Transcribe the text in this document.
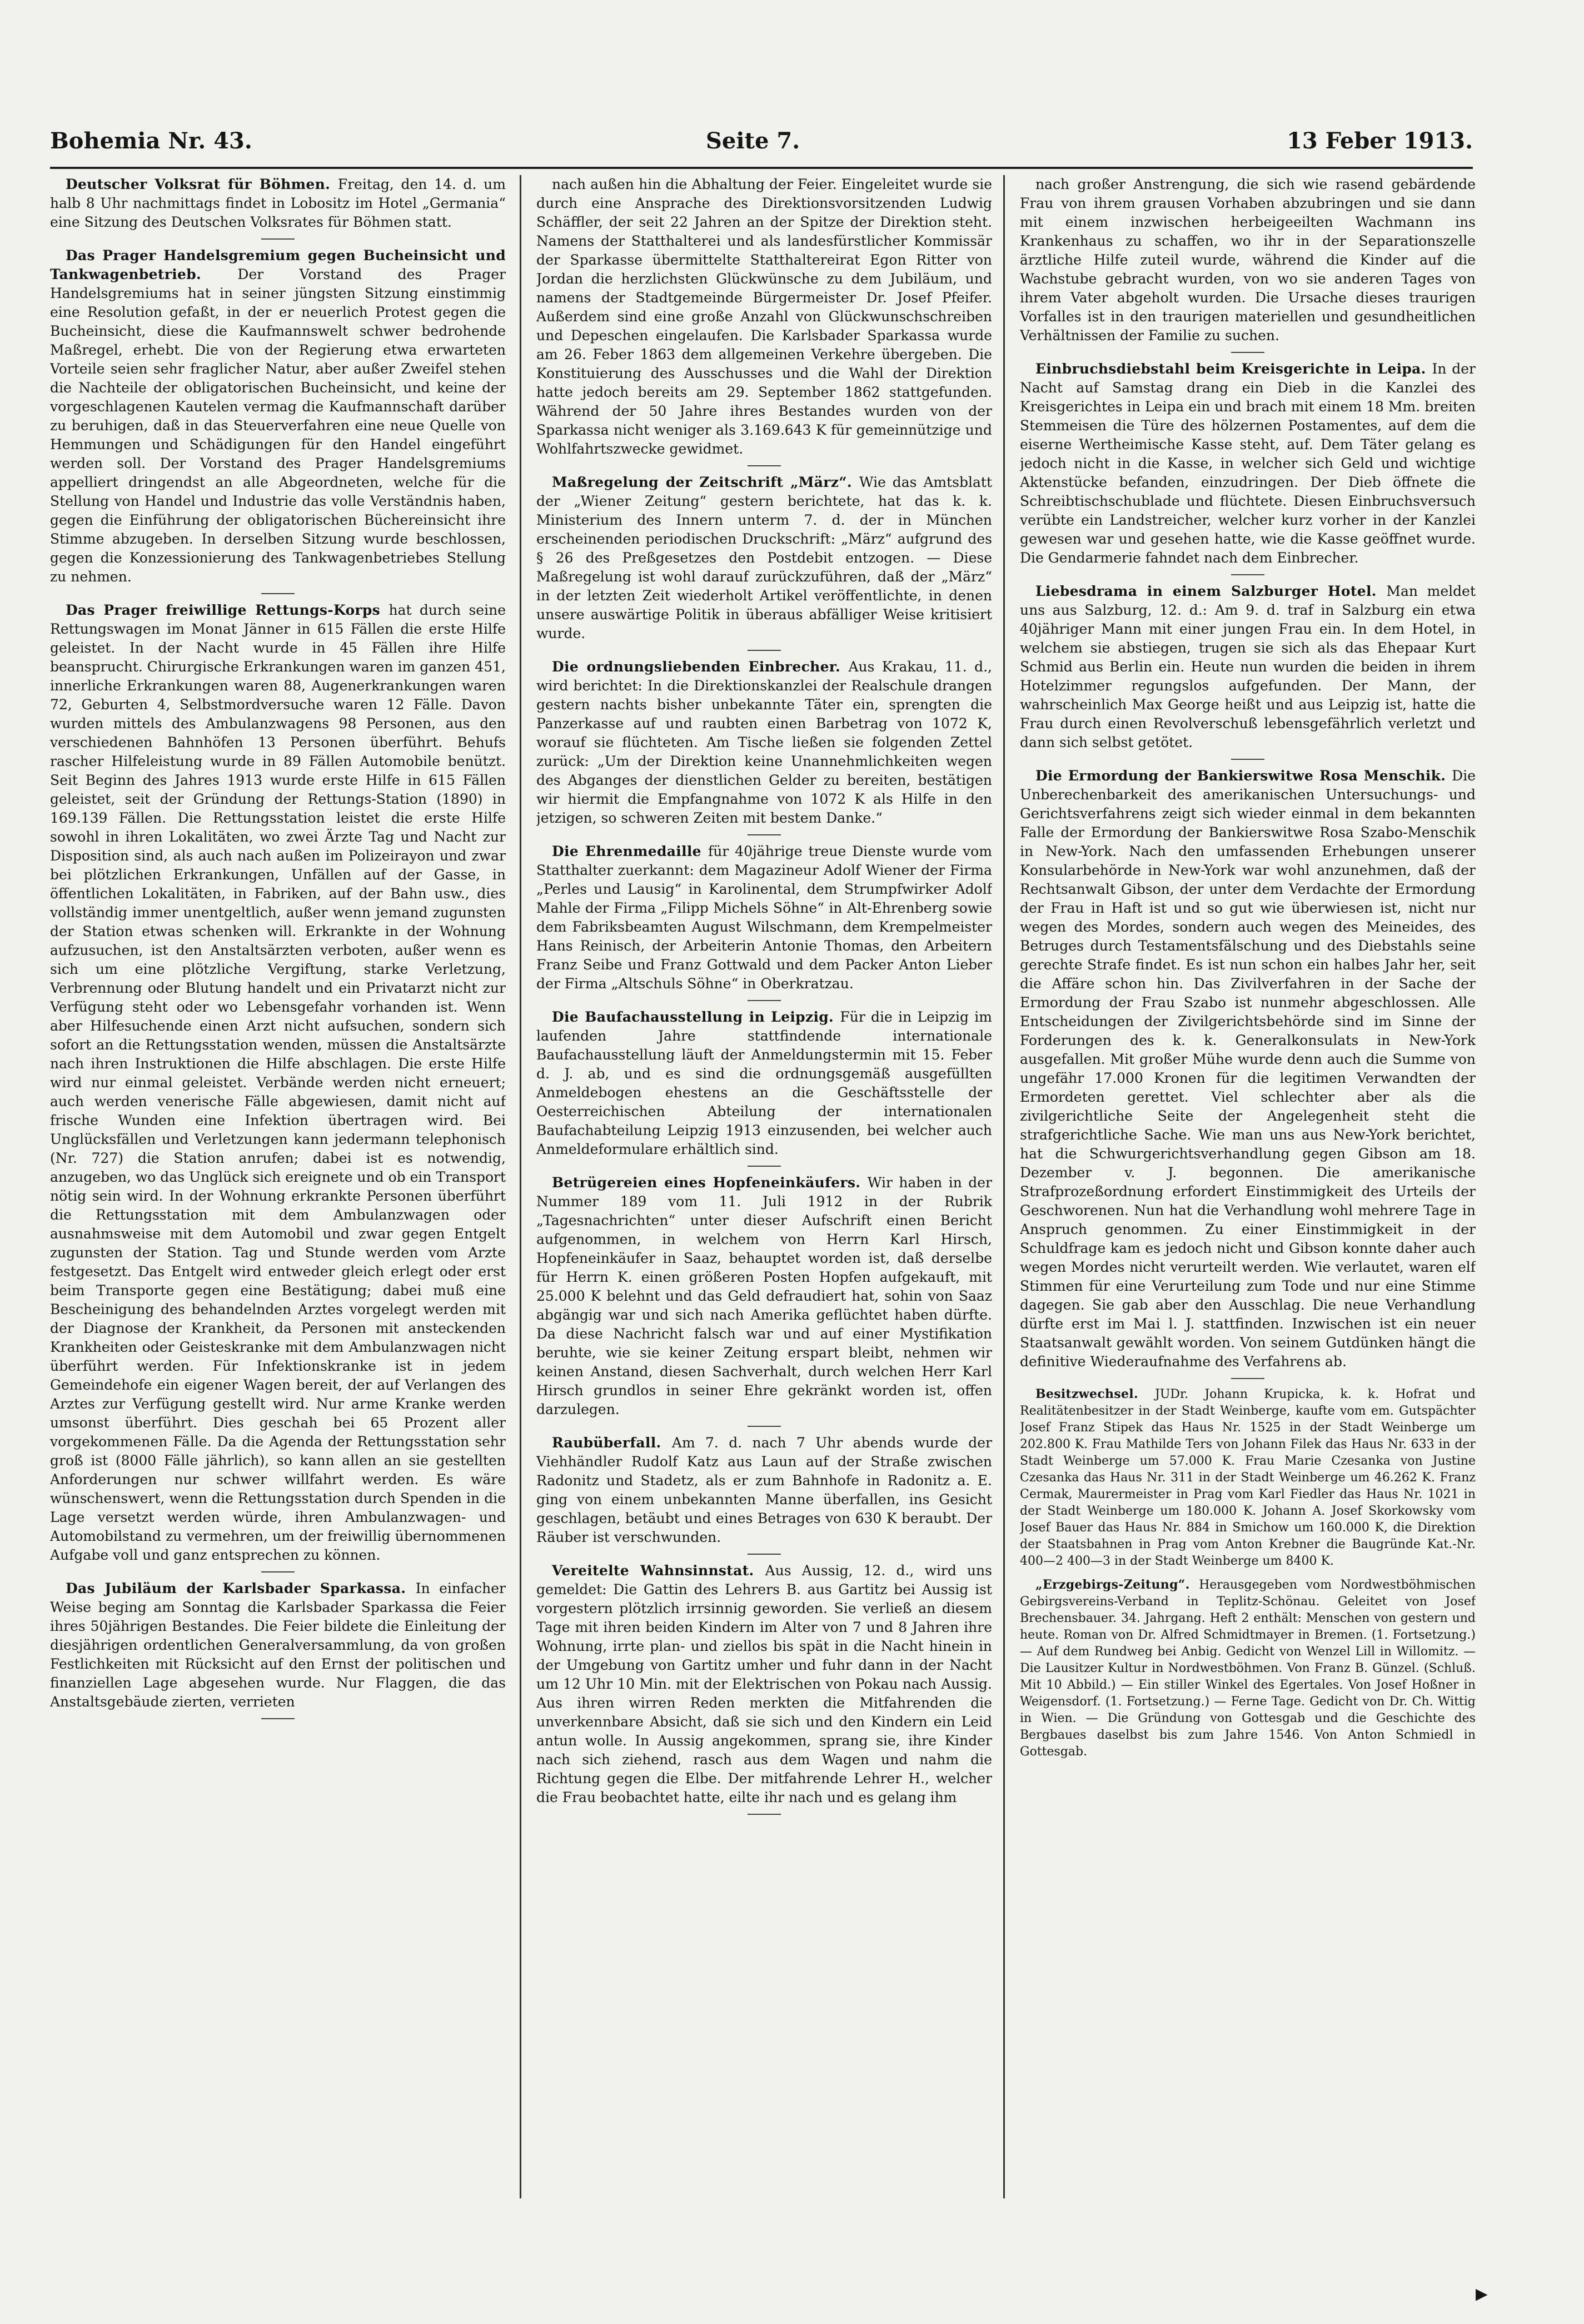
Bohemia Nr. 43.	Seite 7.	13 Feber 1913.

Deutscher Volksrat für Böhmen. Freitag, den 14. d. um halb 8 Uhr nachmittags findet in Lobositz im Hotel „Germania“ eine Sitzung des Deutschen Volksrates für Böhmen statt.

Das Prager Handelsgremium gegen Bucheinsicht und Tankwagenbetrieb. Der Vorstand des Prager Handelsgremiums hat in seiner jüngsten Sitzung einstimmig eine Resolution gefaßt, in der er neuerlich Protest gegen die Bucheinsicht, diese die Kaufmannswelt schwer bedrohende Maßregel, erhebt. Die von der Regierung etwa erwarteten Vorteile seien sehr fraglicher Natur, aber außer Zweifel stehen die Nachteile der obligatorischen Bucheinsicht, und keine der vorgeschlagenen Kautelen vermag die Kaufmannschaft darüber zu beruhigen, daß in das Steuerverfahren eine neue Quelle von Hemmungen und Schädigungen für den Handel eingeführt werden soll. Der Vorstand des Prager Handelsgremiums appelliert dringendst an alle Abgeordneten, welche für die Stellung von Handel und Industrie das volle Verständnis haben, gegen die Einführung der obligatorischen Büchereinsicht ihre Stimme abzugeben. In derselben Sitzung wurde beschlossen, gegen die Konzessionierung des Tankwagenbetriebes Stellung zu nehmen.

Das Prager freiwillige Rettungs-Korps hat durch seine Rettungswagen im Monat Jänner in 615 Fällen die erste Hilfe geleistet. In der Nacht wurde in 45 Fällen ihre Hilfe beansprucht. Chirurgische Erkrankungen waren im ganzen 451, innerliche Erkrankungen waren 88, Augenerkrankungen waren 72, Geburten 4, Selbstmordversuche waren 12 Fälle. Davon wurden mittels des Ambulanzwagens 98 Personen, aus den verschiedenen Bahnhöfen 13 Personen überführt. Behufs rascher Hilfeleistung wurde in 89 Fällen Automobile benützt. Seit Beginn des Jahres 1913 wurde erste Hilfe in 615 Fällen geleistet, seit der Gründung der Rettungs-Station (1890) in 169.139 Fällen. Die Rettungsstation leistet die erste Hilfe sowohl in ihren Lokalitäten, wo zwei Ärzte Tag und Nacht zur Disposition sind, als auch nach außen im Polizeirayon und zwar bei plötzlichen Erkrankungen, Unfällen auf der Gasse, in öffentlichen Lokalitäten, in Fabriken, auf der Bahn usw., dies vollständig immer unentgeltlich, außer wenn jemand zugunsten der Station etwas schenken will. Erkrankte in der Wohnung aufzusuchen, ist den Anstaltsärzten verboten, außer wenn es sich um eine plötzliche Vergiftung, starke Verletzung, Verbrennung oder Blutung handelt und ein Privatarzt nicht zur Verfügung steht oder wo Lebensgefahr vorhanden ist. Wenn aber Hilfesuchende einen Arzt nicht aufsuchen, sondern sich sofort an die Rettungsstation wenden, müssen die Anstaltsärzte nach ihren Instruktionen die Hilfe abschlagen. Die erste Hilfe wird nur einmal geleistet. Verbände werden nicht erneuert; auch werden venerische Fälle abgewiesen, damit nicht auf frische Wunden eine Infektion übertragen wird. Bei Unglücksfällen und Verletzungen kann jedermann telephonisch (Nr. 727) die Station anrufen; dabei ist es notwendig, anzugeben, wo das Unglück sich ereignete und ob ein Transport nötig sein wird. In der Wohnung erkrankte Personen überführt die Rettungsstation mit dem Ambulanzwagen oder ausnahmsweise mit dem Automobil und zwar gegen Entgelt zugunsten der Station. Tag und Stunde werden vom Arzte festgesetzt. Das Entgelt wird entweder gleich erlegt oder erst beim Transporte gegen eine Bestätigung; dabei muß eine Bescheinigung des behandelnden Arztes vorgelegt werden mit der Diagnose der Krankheit, da Personen mit ansteckenden Krankheiten oder Geisteskranke mit dem Ambulanzwagen nicht überführt werden. Für Infektionskranke ist in jedem Gemeindehofe ein eigener Wagen bereit, der auf Verlangen des Arztes zur Verfügung gestellt wird. Nur arme Kranke werden umsonst überführt. Dies geschah bei 65 Prozent aller vorgekommenen Fälle. Da die Agenda der Rettungsstation sehr groß ist (8000 Fälle jährlich), so kann allen an sie gestellten Anforderungen nur schwer willfahrt werden. Es wäre wünschenswert, wenn die Rettungsstation durch Spenden in die Lage versetzt werden würde, ihren Ambulanzwagen- und Automobilstand zu vermehren, um der freiwillig übernommenen Aufgabe voll und ganz entsprechen zu können.

Das Jubiläum der Karlsbader Sparkassa. In einfacher Weise beging am Sonntag die Karlsbader Sparkassa die Feier ihres 50jährigen Bestandes. Die Feier bildete die Einleitung der diesjährigen ordentlichen Generalversammlung, da von großen Festlichkeiten mit Rücksicht auf den Ernst der politischen und finanziellen Lage abgesehen wurde. Nur Flaggen, die das Anstaltsgebäude zierten, verrieten

nach außen hin die Abhaltung der Feier. Eingeleitet wurde sie durch eine Ansprache des Direktionsvorsitzenden Ludwig Schäffler, der seit 22 Jahren an der Spitze der Direktion steht. Namens der Statthalterei und als landesfürstlicher Kommissär der Sparkasse übermittelte Statthaltereirat Egon Ritter von Jordan die herzlichsten Glückwünsche zu dem Jubiläum, und namens der Stadtgemeinde Bürgermeister Dr. Josef Pfeifer. Außerdem sind eine große Anzahl von Glückwunschschreiben und Depeschen eingelaufen. Die Karlsbader Sparkassa wurde am 26. Feber 1863 dem allgemeinen Verkehre übergeben. Die Konstituierung des Ausschusses und die Wahl der Direktion hatte jedoch bereits am 29. September 1862 stattgefunden. Während der 50 Jahre ihres Bestandes wurden von der Sparkassa nicht weniger als 3.169.643 K für gemeinnützige und Wohlfahrtszwecke gewidmet.

Maßregelung der Zeitschrift „März“. Wie das Amtsblatt der „Wiener Zeitung“ gestern berichtete, hat das k. k. Ministerium des Innern unterm 7. d. der in München erscheinenden periodischen Druckschrift: „März“ aufgrund des § 26 des Preßgesetzes den Postdebit entzogen. — Diese Maßregelung ist wohl darauf zurückzuführen, daß der „März“ in der letzten Zeit wiederholt Artikel veröffentlichte, in denen unsere auswärtige Politik in überaus abfälliger Weise kritisiert wurde.

Die ordnungsliebenden Einbrecher. Aus Krakau, 11. d., wird berichtet: In die Direktionskanzlei der Realschule drangen gestern nachts bisher unbekannte Täter ein, sprengten die Panzerkasse auf und raubten einen Barbetrag von 1072 K, worauf sie flüchteten. Am Tische ließen sie folgenden Zettel zurück: „Um der Direktion keine Unannehmlichkeiten wegen des Abganges der dienstlichen Gelder zu bereiten, bestätigen wir hiermit die Empfangnahme von 1072 K als Hilfe in den jetzigen, so schweren Zeiten mit bestem Danke.“

Die Ehrenmedaille für 40jährige treue Dienste wurde vom Statthalter zuerkannt: dem Magazineur Adolf Wiener der Firma „Perles und Lausig“ in Karolinental, dem Strumpfwirker Adolf Mahle der Firma „Filipp Michels Söhne“ in Alt-Ehrenberg sowie dem Fabriksbeamten August Wilschmann, dem Krempelmeister Hans Reinisch, der Arbeiterin Antonie Thomas, den Arbeitern Franz Seibe und Franz Gottwald und dem Packer Anton Lieber der Firma „Altschuls Söhne“ in Oberkratzau.

Die Baufachausstellung in Leipzig. Für die in Leipzig im laufenden Jahre stattfindende internationale Baufachausstellung läuft der Anmeldungstermin mit 15. Feber d. J. ab, und es sind die ordnungsgemäß ausgefüllten Anmeldebogen ehestens an die Geschäftsstelle der Oesterreichischen Abteilung der internationalen Baufachabteilung Leipzig 1913 einzusenden, bei welcher auch Anmeldeformulare erhältlich sind.

Betrügereien eines Hopfeneinkäufers. Wir haben in der Nummer 189 vom 11. Juli 1912 in der Rubrik „Tagesnachrichten“ unter dieser Aufschrift einen Bericht aufgenommen, in welchem von Herrn Karl Hirsch, Hopfeneinkäufer in Saaz, behauptet worden ist, daß derselbe für Herrn K. einen größeren Posten Hopfen aufgekauft, mit 25.000 K belehnt und das Geld defraudiert hat, sohin von Saaz abgängig war und sich nach Amerika geflüchtet haben dürfte. Da diese Nachricht falsch war und auf einer Mystifikation beruhte, wie sie keiner Zeitung erspart bleibt, nehmen wir keinen Anstand, diesen Sachverhalt, durch welchen Herr Karl Hirsch grundlos in seiner Ehre gekränkt worden ist, offen darzulegen.

Raubüberfall. Am 7. d. nach 7 Uhr abends wurde der Viehhändler Rudolf Katz aus Laun auf der Straße zwischen Radonitz und Stadetz, als er zum Bahnhofe in Radonitz a. E. ging von einem unbekannten Manne überfallen, ins Gesicht geschlagen, betäubt und eines Betrages von 630 K beraubt. Der Räuber ist verschwunden.

Vereitelte Wahnsinnstat. Aus Aussig, 12. d., wird uns gemeldet: Die Gattin des Lehrers B. aus Gartitz bei Aussig ist vorgestern plötzlich irrsinnig geworden. Sie verließ an diesem Tage mit ihren beiden Kindern im Alter von 7 und 8 Jahren ihre Wohnung, irrte plan- und ziellos bis spät in die Nacht hinein in der Umgebung von Gartitz umher und fuhr dann in der Nacht um 12 Uhr 10 Min. mit der Elektrischen von Pokau nach Aussig. Aus ihren wirren Reden merkten die Mitfahrenden die unverkennbare Absicht, daß sie sich und den Kindern ein Leid antun wolle. In Aussig angekommen, sprang sie, ihre Kinder nach sich ziehend, rasch aus dem Wagen und nahm die Richtung gegen die Elbe. Der mitfahrende Lehrer H., welcher die Frau beobachtet hatte, eilte ihr nach und es gelang ihm

nach großer Anstrengung, die sich wie rasend gebärdende Frau von ihrem grausen Vorhaben abzubringen und sie dann mit einem inzwischen herbeigeeilten Wachmann ins Krankenhaus zu schaffen, wo ihr in der Separationszelle ärztliche Hilfe zuteil wurde, während die Kinder auf die Wachstube gebracht wurden, von wo sie anderen Tages von ihrem Vater abgeholt wurden. Die Ursache dieses traurigen Vorfalles ist in den traurigen materiellen und gesundheitlichen Verhältnissen der Familie zu suchen.

Einbruchsdiebstahl beim Kreisgerichte in Leipa. In der Nacht auf Samstag drang ein Dieb in die Kanzlei des Kreisgerichtes in Leipa ein und brach mit einem 18 Mm. breiten Stemmeisen die Türe des hölzernen Postamentes, auf dem die eiserne Wertheimische Kasse steht, auf. Dem Täter gelang es jedoch nicht in die Kasse, in welcher sich Geld und wichtige Aktenstücke befanden, einzudringen. Der Dieb öffnete die Schreibtischschublade und flüchtete. Diesen Einbruchsversuch verübte ein Landstreicher, welcher kurz vorher in der Kanzlei gewesen war und gesehen hatte, wie die Kasse geöffnet wurde. Die Gendarmerie fahndet nach dem Einbrecher.

Liebesdrama in einem Salzburger Hotel. Man meldet uns aus Salzburg, 12. d.: Am 9. d. traf in Salzburg ein etwa 40jähriger Mann mit einer jungen Frau ein. In dem Hotel, in welchem sie abstiegen, trugen sie sich als das Ehepaar Kurt Schmid aus Berlin ein. Heute nun wurden die beiden in ihrem Hotelzimmer regungslos aufgefunden. Der Mann, der wahrscheinlich Max George heißt und aus Leipzig ist, hatte die Frau durch einen Revolverschuß lebensgefährlich verletzt und dann sich selbst getötet.

Die Ermordung der Bankierswitwe Rosa Menschik. Die Unberechenbarkeit des amerikanischen Untersuchungs- und Gerichtsverfahrens zeigt sich wieder einmal in dem bekannten Falle der Ermordung der Bankierswitwe Rosa Szabo-Menschik in New-York. Nach den umfassenden Erhebungen unserer Konsularbehörde in New-York war wohl anzunehmen, daß der Rechtsanwalt Gibson, der unter dem Verdachte der Ermordung der Frau in Haft ist und so gut wie überwiesen ist, nicht nur wegen des Mordes, sondern auch wegen des Meineides, des Betruges durch Testamentsfälschung und des Diebstahls seine gerechte Strafe findet. Es ist nun schon ein halbes Jahr her, seit die Affäre schon hin. Das Zivilverfahren in der Sache der Ermordung der Frau Szabo ist nunmehr abgeschlossen. Alle Entscheidungen der Zivilgerichtsbehörde sind im Sinne der Forderungen des k. k. Generalkonsulats in New-York ausgefallen. Mit großer Mühe wurde denn auch die Summe von ungefähr 17.000 Kronen für die legitimen Verwandten der Ermordeten gerettet. Viel schlechter aber als die zivilgerichtliche Seite der Angelegenheit steht die strafgerichtliche Sache. Wie man uns aus New-York berichtet, hat die Schwurgerichtsverhandlung gegen Gibson am 18. Dezember v. J. begonnen. Die amerikanische Strafprozeßordnung erfordert Einstimmigkeit des Urteils der Geschworenen. Nun hat die Verhandlung wohl mehrere Tage in Anspruch genommen. Zu einer Einstimmigkeit in der Schuldfrage kam es jedoch nicht und Gibson konnte daher auch wegen Mordes nicht verurteilt werden. Wie verlautet, waren elf Stimmen für eine Verurteilung zum Tode und nur eine Stimme dagegen. Sie gab aber den Ausschlag. Die neue Verhandlung dürfte erst im Mai l. J. stattfinden. Inzwischen ist ein neuer Staatsanwalt gewählt worden. Von seinem Gutdünken hängt die definitive Wiederaufnahme des Verfahrens ab.

Besitzwechsel. JUDr. Johann Krupicka, k. k. Hofrat und Realitätenbesitzer in der Stadt Weinberge, kaufte vom em. Gutspächter Josef Franz Stipek das Haus Nr. 1525 in der Stadt Weinberge um 202.800 K. Frau Mathilde Ters von Johann Filek das Haus Nr. 633 in der Stadt Weinberge um 57.000 K. Frau Marie Czesanka von Justine Czesanka das Haus Nr. 311 in der Stadt Weinberge um 46.262 K. Franz Cermak, Maurermeister in Prag vom Karl Fiedler das Haus Nr. 1021 in der Stadt Weinberge um 180.000 K. Johann A. Josef Skorkowsky vom Josef Bauer das Haus Nr. 884 in Smichow um 160.000 K, die Direktion der Staatsbahnen in Prag vom Anton Krebner die Baugründe Kat.-Nr. 400—2 400—3 in der Stadt Weinberge um 8400 K.

„Erzgebirgs-Zeitung“. Herausgegeben vom Nordwestböhmischen Gebirgsvereins-Verband in Teplitz-Schönau. Geleitet von Josef Brechensbauer. 34. Jahrgang. Heft 2 enthält: Menschen von gestern und heute. Roman von Dr. Alfred Schmidtmayer in Bremen. (1. Fortsetzung.) — Auf dem Rundweg bei Anbig. Gedicht von Wenzel Lill in Willomitz. — Die Lausitzer Kultur in Nordwestböhmen. Von Franz B. Günzel. (Schluß. Mit 10 Abbild.) — Ein stiller Winkel des Egertales. Von Josef Hoßner in Weigensdorf. (1. Fortsetzung.) — Ferne Tage. Gedicht von Dr. Ch. Wittig in Wien. — Die Gründung von Gottesgab und die Geschichte des Bergbaues daselbst bis zum Jahre 1546. Von Anton Schmiedl in Gottesgab.

▶
